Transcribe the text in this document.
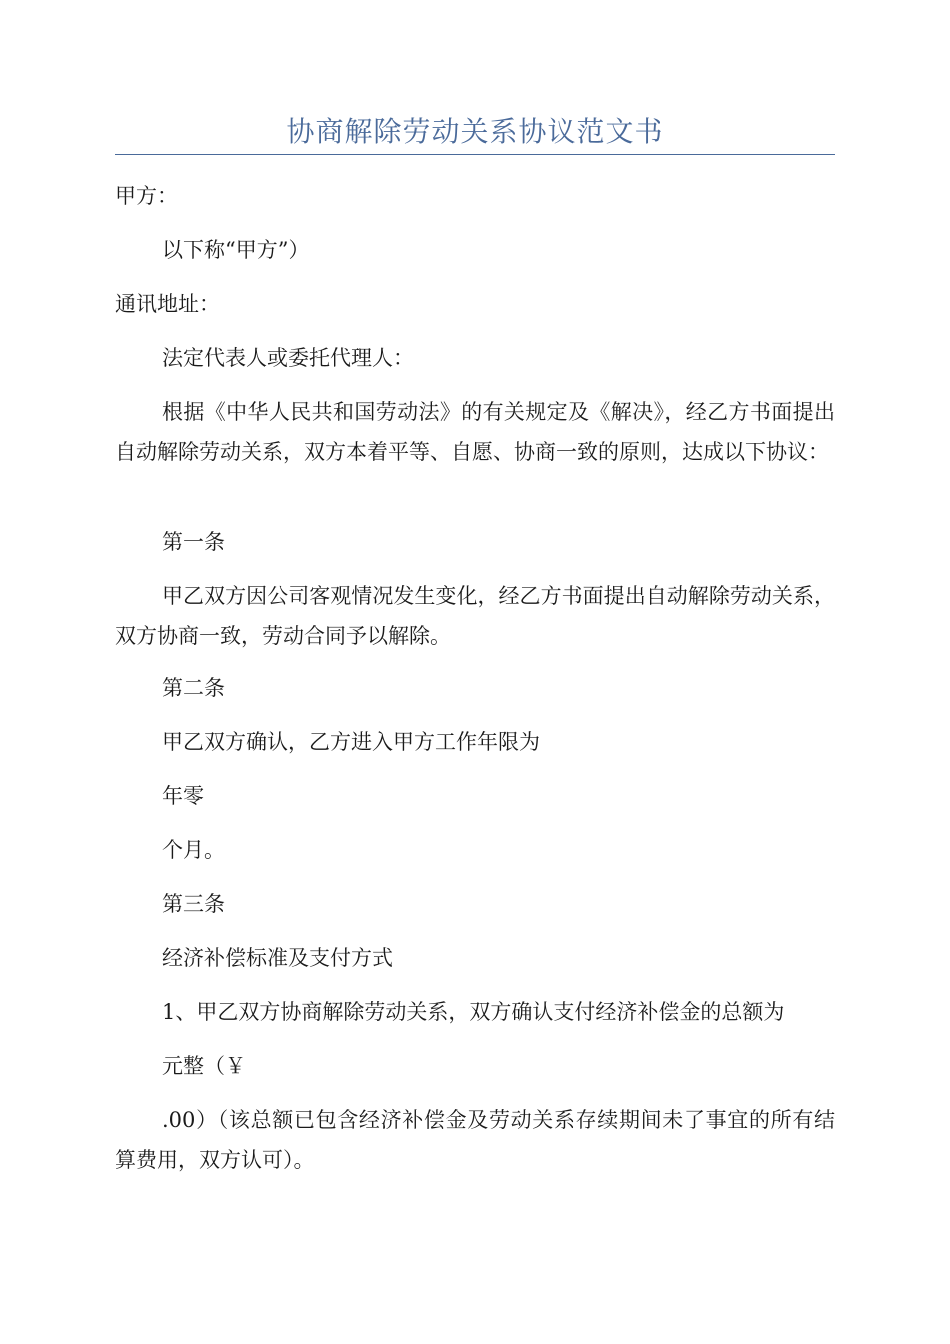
协商解除劳动关系协议范文书

甲方：

以下称“甲方”）

通讯地址：

法定代表人或委托代理人：

根据《中华人民共和国劳动法》的有关规定及《解决》，经乙方书面提出自动解除劳动关系，双方本着平等、自愿、协商一致的原则，达成以下协议：

第一条

甲乙双方因公司客观情况发生变化，经乙方书面提出自动解除劳动关系，双方协商一致，劳动合同予以解除。

第二条

甲乙双方确认，乙方进入甲方工作年限为

年零

个月。

第三条

经济补偿标准及支付方式

1、甲乙双方协商解除劳动关系，双方确认支付经济补偿金的总额为

元整（￥

.00）（该总额已包含经济补偿金及劳动关系存续期间未了事宜的所有结算费用，双方认可）。
